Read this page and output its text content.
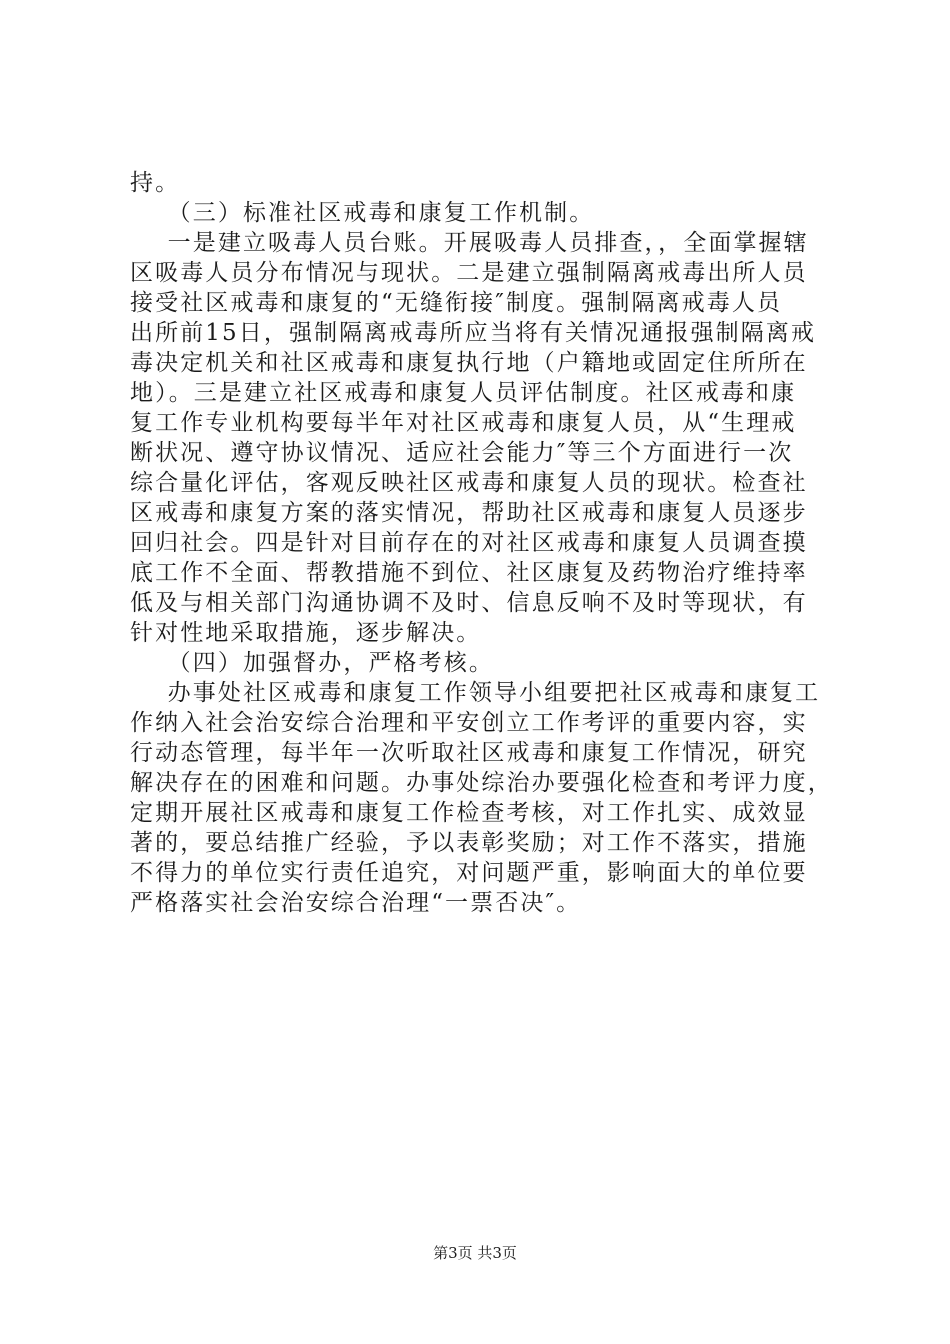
持。

（三）标准社区戒毒和康复工作机制。

一是建立吸毒人员台账。开展吸毒人员排查，，全面掌握辖

区吸毒人员分布情况与现状。二是建立强制隔离戒毒出所人员

接受社区戒毒和康复的“无缝衔接″制度。强制隔离戒毒人员

出所前15日，强制隔离戒毒所应当将有关情况通报强制隔离戒

毒决定机关和社区戒毒和康复执行地（户籍地或固定住所所在

地）。三是建立社区戒毒和康复人员评估制度。社区戒毒和康

复工作专业机构要每半年对社区戒毒和康复人员，从“生理戒

断状况、遵守协议情况、适应社会能力″等三个方面进行一次

综合量化评估，客观反映社区戒毒和康复人员的现状。检查社

区戒毒和康复方案的落实情况，帮助社区戒毒和康复人员逐步

回归社会。四是针对目前存在的对社区戒毒和康复人员调查摸

底工作不全面、帮教措施不到位、社区康复及药物治疗维持率

低及与相关部门沟通协调不及时、信息反响不及时等现状，有

针对性地采取措施，逐步解决。

（四）加强督办，严格考核。

办事处社区戒毒和康复工作领导小组要把社区戒毒和康复工

作纳入社会治安综合治理和平安创立工作考评的重要内容，实

行动态管理，每半年一次听取社区戒毒和康复工作情况，研究

解决存在的困难和问题。办事处综治办要强化检查和考评力度，

定期开展社区戒毒和康复工作检查考核，对工作扎实、成效显

著的，要总结推广经验，予以表彰奖励；对工作不落实，措施

不得力的单位实行责任追究，对问题严重，影响面大的单位要

严格落实社会治安综合治理“一票否决″。

第3页 共3页
